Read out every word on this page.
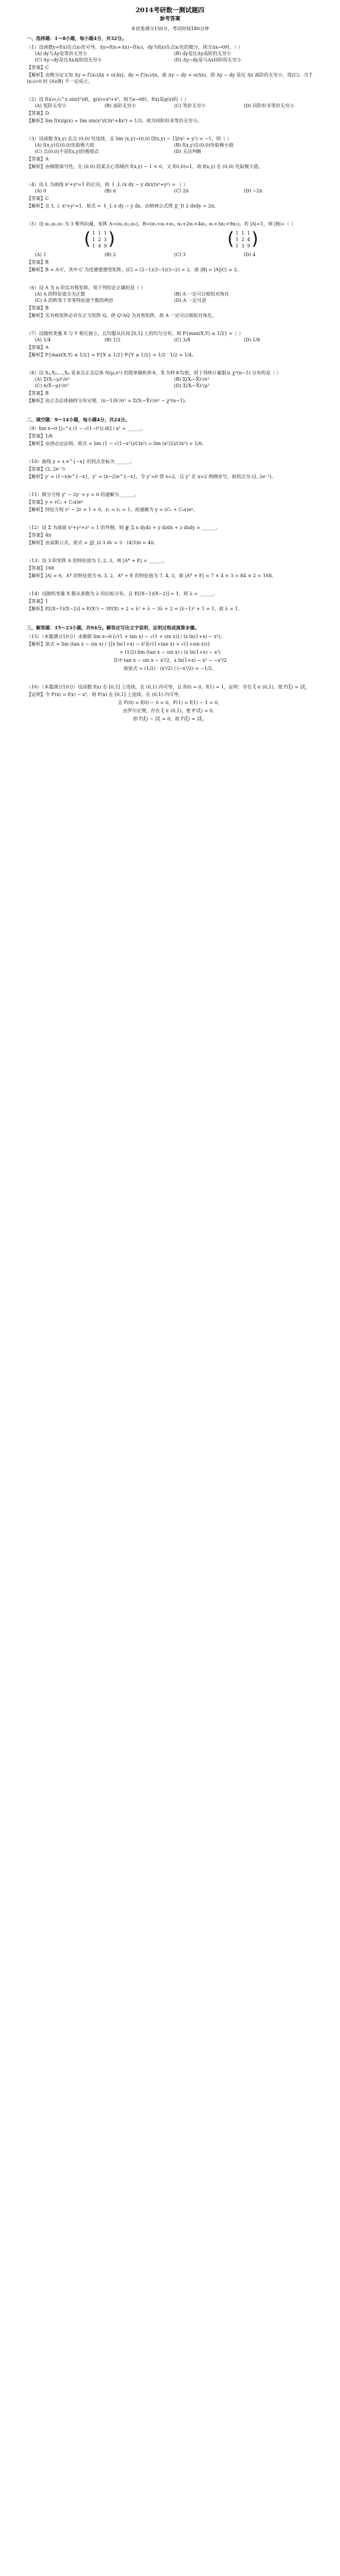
2014考研数一测试题四
参考答案
本试卷满分150分，考试时间180分钟
一、选择题：1～8小题，每小题4分，共32分。
（1）设函数y=f(x)在点x₀处可导，Δy=f(x₀+Δx)−f(x₀)，dy为f(x)在点x₀处的微分，则当Δx→0时，（ ）
(A) dy与Δy是等价无穷小	(B) dy是比Δy高阶的无穷小
(C) Δy−dy是比Δx高阶的无穷小	(D) Δy−dy是与Δx同阶的无穷小
【答案】C
【解析】由微分定义知 Δy = f′(x₀)Δx + o(Δx)，dy = f′(x₀)Δx，故 Δy − dy = o(Δx)，即 Δy − dy 是比 Δx 高阶的无穷小，选(C)。当 f′(x₀)=0 时 (A)(B) 不一定成立。
（2）设 f(x)=∫₀^x sin(t²)dt，g(x)=x³+x⁴，则当x→0时，f(x)是g(x)的（ ）
(A) 低阶无穷小	(B) 高阶无穷小	(C) 等价无穷小	(D) 同阶但非等价无穷小
【答案】D
【解析】lim f(x)/g(x) = lim sin(x²)/(3x²+4x³) = 1/3，故为同阶但非等价无穷小。
（3）设函数 f(x,y) 在点 (0,0) 处连续，且 lim (x,y)→(0,0) [f(x,y) − 1]/(x² + y²) = −1，则（ ）
(A) f(x,y)在(0,0)处取极大值	(B) f(x,y)在(0,0)处取极小值
(C) 点(0,0)不是f(x,y)的极值点	(D) 无法判断
【答案】A
【解析】由极限保号性，在 (0,0) 的某去心邻域内 f(x,y) − 1 < 0，又 f(0,0)=1，故 f(x,y) 在 (0,0) 处取极大值。
（4）设 L 为曲线 x²+y²=1 的正向，则 ∮_L (x dy − y dx)/(x²+y²) = （ ）
(A) 0	(B) π	(C) 2π	(D) −2π
【答案】C
【解析】在 L 上 x²+y²=1，原式 = ∮_L x dy − y dx，由格林公式得 ∬_D 2 dxdy = 2π。
（5）设 α₁,α₂,α₃ 为 3 维列向量，矩阵 A=(α₁,α₂,α₃)，B=(α₁+α₂+α₃, α₁+2α₂+4α₃, α₁+3α₂+9α₃)，若 |A|=1，则 |B|=（ ）
( 1 1 1
1 2 3
1 4 9 )	( 1 1 1
1 2 4
1 3 9 )
(A) 1	(B) 2	(C) 3	(D) 4
【答案】B
【解析】B = A·C，其中 C 为范德蒙德型矩阵，|C| = (2−1)(3−1)(3−2) = 2，故 |B| = |A||C| = 2。
（6）设 A 为 n 阶实对称矩阵，则下列结论正确的是（ ）
(A) A 的特征值全为正数	(B) A 一定可以相似对角化
(C) A 的秩等于非零特征值个数的两倍	(D) A 一定可逆
【答案】B
【解析】实对称矩阵必存在正交矩阵 Q，使 QᵀAQ 为对角矩阵，故 A 一定可以相似对角化。
（7）设随机变量 X 与 Y 相互独立，且均服从区间 [0,1] 上的均匀分布，则 P{max(X,Y) ≤ 1/2} =（ ）
(A) 1/4	(B) 1/2	(C) 3/4	(D) 1/8
【答案】A
【解析】P{max(X,Y) ≤ 1/2} = P{X ≤ 1/2}·P{Y ≤ 1/2} = 1/2 · 1/2 = 1/4。
（8）设 X₁,X₂,…,Xₙ 是来自正态总体 N(μ,σ²) 的简单随机样本，X̄ 为样本均值，则下列统计量服从 χ²(n−1) 分布的是（ ）
(A) Σ(Xᵢ−μ)²/σ²	(B) Σ(Xᵢ−X̄)²/σ²
(C) n(X̄−μ)²/σ²	(D) Σ(Xᵢ−X̄)²/μ²
【答案】B
【解析】由正态总体抽样分布定理，(n−1)S²/σ² = Σ(Xᵢ−X̄)²/σ² ~ χ²(n−1)。
二、填空题：9～14小题，每小题4分，共24分。
（9）lim x→0 [∫₀^x (1 − √(1−t²)) dt] / x³ = ______。
【答案】1/6
【解析】由洛必达法则，原式 = lim (1 − √(1−x²))/(3x²) = lim (x²/2)/(3x²) = 1/6。
（10）曲线 y = x e^{−x} 的拐点坐标为 ______。
【答案】(2, 2e⁻²)
【解析】y′ = (1−x)e^{−x}，y″ = (x−2)e^{−x}，令 y″=0 得 x=2，且 y″ 在 x=2 两侧异号，故拐点为 (2, 2e⁻²)。
（11）微分方程 y″ − 2y′ + y = 0 的通解为 ______。
【答案】y = (C₁ + C₂x)eˣ
【解析】特征方程 r² − 2r + 1 = 0，r₁ = r₂ = 1，故通解为 y = (C₁ + C₂x)eˣ。
（12）设 Σ 为球面 x²+y²+z² = 1 的外侧，则 ∯_Σ x dydz + y dzdx + z dxdy = ______。
【答案】4π
【解析】由高斯公式，原式 = ∭_Ω 3 dv = 3 · (4/3)π = 4π。
（13）设 3 阶矩阵 A 的特征值为 1, 2, 3，则 |A* + E| = ______。
【答案】168
【解析】|A| = 6，A* 的特征值为 6, 3, 2，A* + E 的特征值为 7, 4, 3，故 |A* + E| = 7 × 4 × 3 = 84 × 2 = 168。
（14）设随机变量 X 服从参数为 λ 的泊松分布，且 E[(X−1)(X−2)] = 1，则 λ = ______。
【答案】1
【解析】E[(X−1)(X−2)] = E(X²) − 3E(X) + 2 = λ² + λ − 3λ + 2 = (λ−1)² + 1 = 1，故 λ = 1。
三、解答题：15～23小题，共94分。解答应写出文字说明、证明过程或演算步骤。
（15）（本题满分10分）求极限 lim x→0 [√(1 + tan x) − √(1 + sin x)] / (x ln(1+x) − x²)。
【解析】原式 = lim (tan x − sin x) / {[x ln(1+x) − x²](√(1+tan x) + √(1+sin x))}
= (1/2) lim (tan x − sin x) / (x ln(1+x) − x²)
其中 tan x − sin x ~ x³/2，x ln(1+x) − x² ~ −x³/2
故原式 = (1/2) · (x³/2) / (−x³/2) = −1/2。
（16）（本题满分10分）设函数 f(x) 在 [0,1] 上连续，在 (0,1) 内可导，且 f(0) = 0，f(1) = 1，证明：存在 ξ ∈ (0,1)，使 f′(ξ) = 2ξ。
【证明】令 F(x) = f(x) − x²，则 F(x) 在 [0,1] 上连续，在 (0,1) 内可导，
且 F(0) = f(0) − 0 = 0，F(1) = f(1) − 1 = 0，
由罗尔定理，存在 ξ ∈ (0,1)，使 F′(ξ) = 0，
即 f′(ξ) − 2ξ = 0，故 f′(ξ) = 2ξ。
